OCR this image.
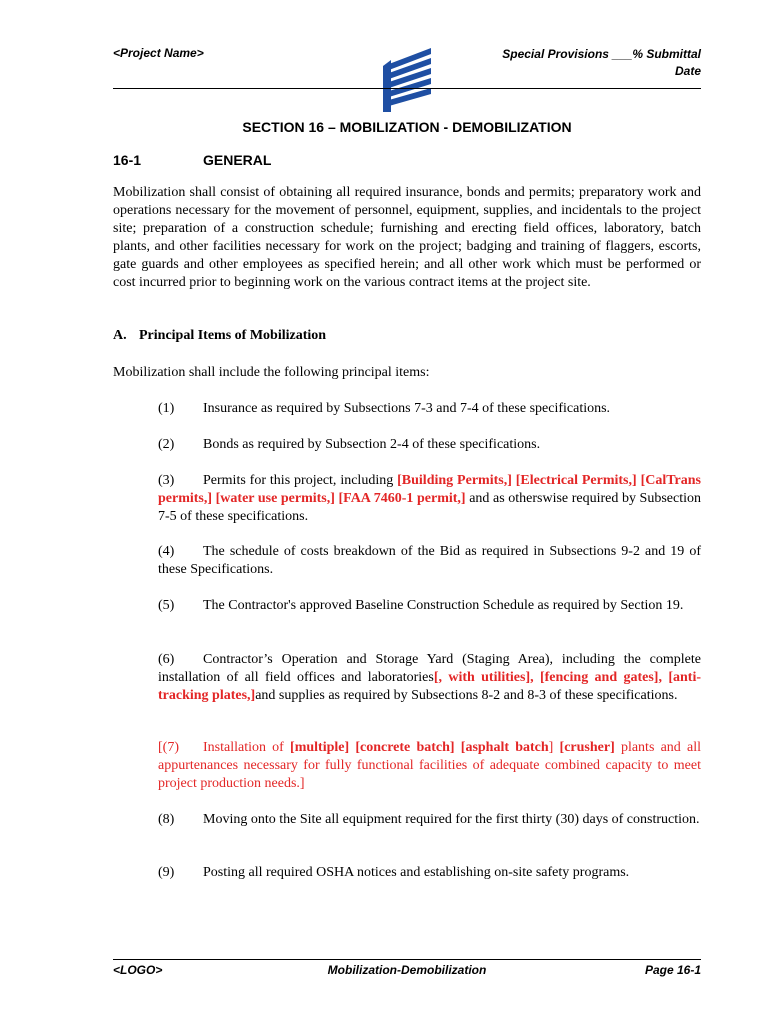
<Project Name>	Special Provisions ___% Submittal
Date
SECTION 16 – MOBILIZATION - DEMOBILIZATION
16-1	GENERAL

Mobilization shall consist of obtaining all required insurance, bonds and permits; preparatory work and operations necessary for the movement of personnel, equipment, supplies, and incidentals to the project site; preparation of a construction schedule; furnishing and erecting field offices, laboratory, batch plants, and other facilities necessary for work on the project; badging and training of flaggers, escorts, gate guards and other employees as specified herein; and all other work which must be performed or cost incurred prior to beginning work on the various contract items at the project site.

A. Principal Items of Mobilization

Mobilization shall include the following principal items:

(1) Insurance as required by Subsections 7-3 and 7-4 of these specifications.

(2) Bonds as required by Subsection 2-4 of these specifications.

(3) Permits for this project, including [Building Permits,] [Electrical Permits,] [CalTrans permits,] [water use permits,] [FAA 7460-1 permit,] and as otherswise required by Subsection 7-5 of these specifications.

(4) The schedule of costs breakdown of the Bid as required in Subsections 9-2 and 19 of these Specifications.

(5) The Contractor's approved Baseline Construction Schedule as required by Section 19.

(6) Contractor’s Operation and Storage Yard (Staging Area), including the complete installation of all field offices and laboratories[, with utilities], [fencing and gates], [anti-tracking plates,]and supplies as required by Subsections 8-2 and 8-3 of these specifications.

[(7) Installation of [multiple] [concrete batch] [asphalt batch] [crusher] plants and all appurtenances necessary for fully functional facilities of adequate combined capacity to meet project production needs.]

(8) Moving onto the Site all equipment required for the first thirty (30) days of construction.

(9) Posting all required OSHA notices and establishing on-site safety programs.

<LOGO>	Mobilization-Demobilization	Page 16-1
